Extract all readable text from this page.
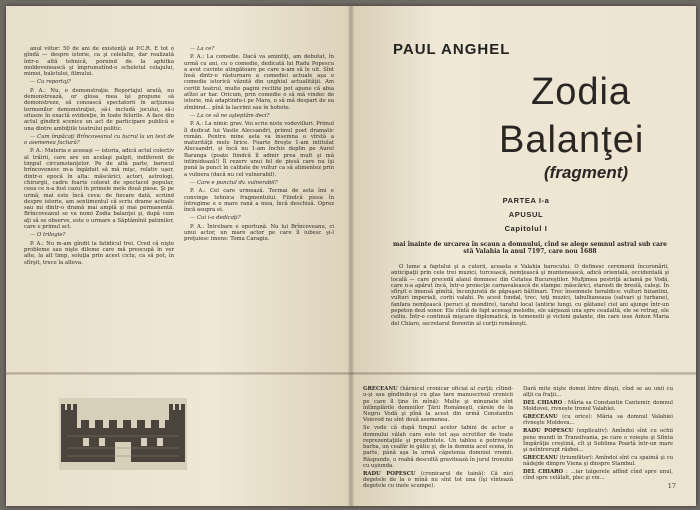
anul viitor: 50 de ani de existenţă ai P.C.R. E tot o gîndă — despre istorie, ca şi celelalte, dar realizată într-o altă tehnică, pornind de la aphitka moldovenească şi împrumutînd-o scheletul colajului, mimei, baletului, filmului.

— Cu reportaj?

P. A.: Nu, o demonstraţie. Reportajul aratǎ, nu demonstreazǎ, or glosa mea îşi propune să demonstreze, să conoască spectatorii în acţiunea termenilor demonstraţiei, să-i includă jocului, să-i situeze în exactă evidenţie, în toate felurile. A face din actul gîndirii scenice un act de participare publică e una dintre ambiţiile teatrului politic.

— Cum împăcaţi Brîncoveanul cu lucrul la un text de o asemenea factură?

P. A.: Materia e aceeaşi — istoria, adică actul colectiv al trăirii, care are un acelaşi palpit, indiferent de timpul circumstanţelor. Pe de altă parte, barocul brîncovenesc m-a îngăduit să mă mişc, relativ uşor, dintr-o epocă în alta: măscărici, actori, astrologi, chirurgii, cadru foarte colorat de spectacol popular, ceea ce n-a fost cazul în primele mele două piese. Şi pe urmă, mai este încă ceva: de fiecare dată, scriind despre istorie, am sentimentul că scriu drame actuale sau mi dintr-o dramă mai amplă şi mai permanentă. Brîncoveanul se va numi Zodia balanţei şi, după cum aţi să se observe, este o urmare a Săptămînii patimilor, care e primul act.

— O trilogie?

P. A.: Nu m-am gîndit la fatidicul trei. Cred că nişte probleme sau nişte dileme care mă preocupă în ver alte, la alt timp, soluţia prin acest ciclu, ca să pot, în sfîrşit, trece la alteva.

— La ce?

P. A.: La comedie. Dacă va amintiţi, am debutat, în urmă cu ani, cu o comedie, dedicată lui Radu Popescu a avut cuvinte atingătoare pe care n-am să le uit. Sînt însă dintr-o răsturnare a comediei actuale aşa o comedie istorică văzută din unghiul actualităţii. Am ceritit teatrul, multe pagini recitite pot apune că abia atîtei ar har. Oricum, prin comedie o să mă vindec de istorie, mă adaptindu-i pe Mara, o să mă despart de ea zîmbind... pînă la lacrimi sau în hohote.

— La ce să ne aşteptăm deci?

P. A.: La nimic grav. Voi scrie niste vodevilluri. Primul îl dedicat lui Vasile Alecsandri, primul poet dramatic român. Pentru mine asta va însemna o vîrstă a maturităţii mele lirice. Foarte fireşte 1-am intitulat Alecsandri, şi încă nu 1-am închis deplin pe Aurel Baranga (poate fiindcă îl admir prea mult şi mă intimidează!) Îl rezerv unui fel de piesă care nu îşi pună la punct în calitate de vultur ca să alimentez prin a vulnera (dacă nu cel vulnerabil).

— Care e punctul dv. vulnerabil?

P. A.: Cel care urmează. Tocmai de asta îmi e convinge tehnica fragmentului. Fiindcă piesa în întregime e o mare rană a mea, încă deschisă. Oprez încă asupra ei.

— Cui i-o dedicaţi?

P. A.: Întrebare e oportună. Nu lui Brîncoveanu, ci unui actor, un mare actor pe care îl iubesc şi-l preţuiesc imens: Toma Caragiu.

PAUL ANGHEL
Zodia
Balanţei
(fragment)
PARTEA I-a
APUSUL
Capitolul I
mai înainte de urcarea în scaun a domnului, cînd se alege semnul astral sub care stă Valahia la anul 7197, care nou 1688

O lume a faptului şi a culorii, aceasta e Valahia barocului. O definesc ceremonii încoronării, anticipaţii prin cele trei muzici, turcească, nemţească şi muntenească, adică orientală, occidentală şi locală — care precedă alaiul domnesc din Cetatea Bucureştilor. Mulţimea pestriţă aclamă pe Vodă, care n-a apărut încă, într-o proiecţie carnavalească de stampe: măscărici, starosti de breslă, caleşi. În sfîrşit o imensă gîmîtă, încunjurată de pǎpuşari băltinari. Trec însemnele heraldice: vulturi bizantini, vulturi imperiali, corbi valahi. Pe acest fondal, trec, toţi muzici, tabulhaneaua (salvari şi turbane), fanfara nemţească (peruci şi mondire), taraful local (antirie lungi, cu gǎitane) ciel ani ajunge într-un pepeton dezl sonor. Ele cîntă de fapt aceeaşi melodie, ele sărjează una spre ceailaltă, ele se retrag, ele ceiliu. Într-o continuă mişcare diplomatică, în temenelii şi vicleni galante, din care iese Anton Maria del Chiaro, secretarul florentin al curţii româneşti.

GRECEANU (hărnicul cronicar oficial al curţii; cîtind-u-şi sau gîndindu-şi cu glas tare manuscrisul cronicii pe care îl ţine în mînă): Multe şi minunate sînt întîmplările domniilor Ţării Româneşti, cărele de la Negru Vodă şi pînă la acest din urmă Constantin Voievod nu sînt două asemenea.

Se vede că după timpul acelor tabini de actor a domnului vălah care este tot aşa ocrotitor de toate reprezentaţiile şi preşdintele. Un tablou e potriveşte barba, un ceafăr le gătie şi, de la domnia acel scena, în parte, până aşa la urmă căpetenia domniei vremii. Răspunde, o roabă descoltă gravitează în jurul tronului cu uşiunda.

RADU POPESCU (cronicarul de taină): Că nici degetele de la o mînă nu sînt tot una (îşi vîntează degetele cu inele scumpe).

Dară mite nişte domni între dînşii, cînd se au unii cu alţii ca fraţii...

DEL CHIARO : Măria sa Constantin Cantemir, domnul Moldovei, rivnește tronul Valahiei.

GRECEANU (cu orice): Măria sa domnul Valahiei rîvneşte Moldova...

RADU POPESCU (explicativ): Amîndoi sînt cu ochii pene mundi în Transilvania, pe care o voieşte şi Sfînta Împărăţie creştină, cît şi Sublima Poartă într-un mare şi neîntrerupt război...

GRECEANU (triumfător): Amîndoi sînt cu spaimă şi cu nădejde dimpre Viena şi dinspre Stambul.

DEL CHIARO : ...iar talgerele aflînd cînd spre unul, cînd spre celălalt, plec şi vin...

17
